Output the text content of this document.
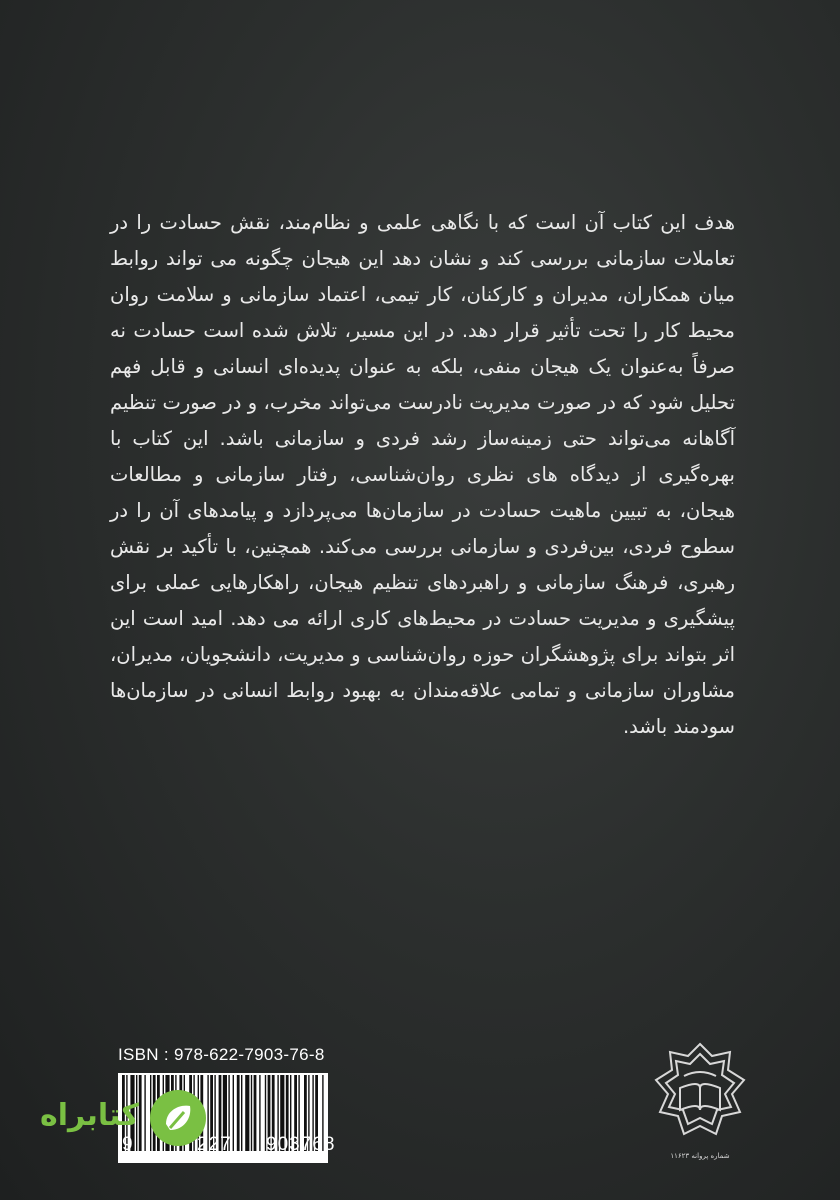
هدف این کتاب آن است که با نگاهی علمی و نظام‌مند، نقش حسادت را در تعاملات سازمانی بررسی کند و نشان دهد این هیجان چگونه می تواند روابط میان همکاران، مدیران و کارکنان، کار تیمی، اعتماد سازمانی و سلامت روان محیط کار را تحت تأثیر قرار دهد. در این مسیر، تلاش شده است حسادت نه صرفاً به‌عنوان یک هیجان منفی، بلکه به عنوان پدیده‌ای انسانی و قابل فهم تحلیل شود که در صورت مدیریت نادرست می‌تواند مخرب، و در صورت تنظیم آگاهانه می‌تواند حتی زمینه‌ساز رشد فردی و سازمانی باشد. این کتاب با بهره‌گیری از دیدگاه های نظری روان‌شناسی، رفتار سازمانی و مطالعات هیجان، به تبیین ماهیت حسادت در سازمان‌ها می‌پردازد و پیامدهای آن را در سطوح فردی، بین‌فردی و سازمانی بررسی می‌کند. همچنین، با تأکید بر نقش رهبری، فرهنگ سازمانی و راهبردهای تنظیم هیجان، راهکارهایی عملی برای پیشگیری و مدیریت حسادت در محیط‌های کاری ارائه می دهد. امید است این اثر بتواند برای پژوهشگران حوزه روان‌شناسی و مدیریت، دانشجویان، مدیران، مشاوران سازمانی و تمامی علاقه‌مندان به بهبود روابط انسانی در سازمان‌ها سودمند باشد.

ISBN : 978-622-7903-76-8
9	227 903768
کتابراه
شماره پروانه ۱۱۶۲۳
